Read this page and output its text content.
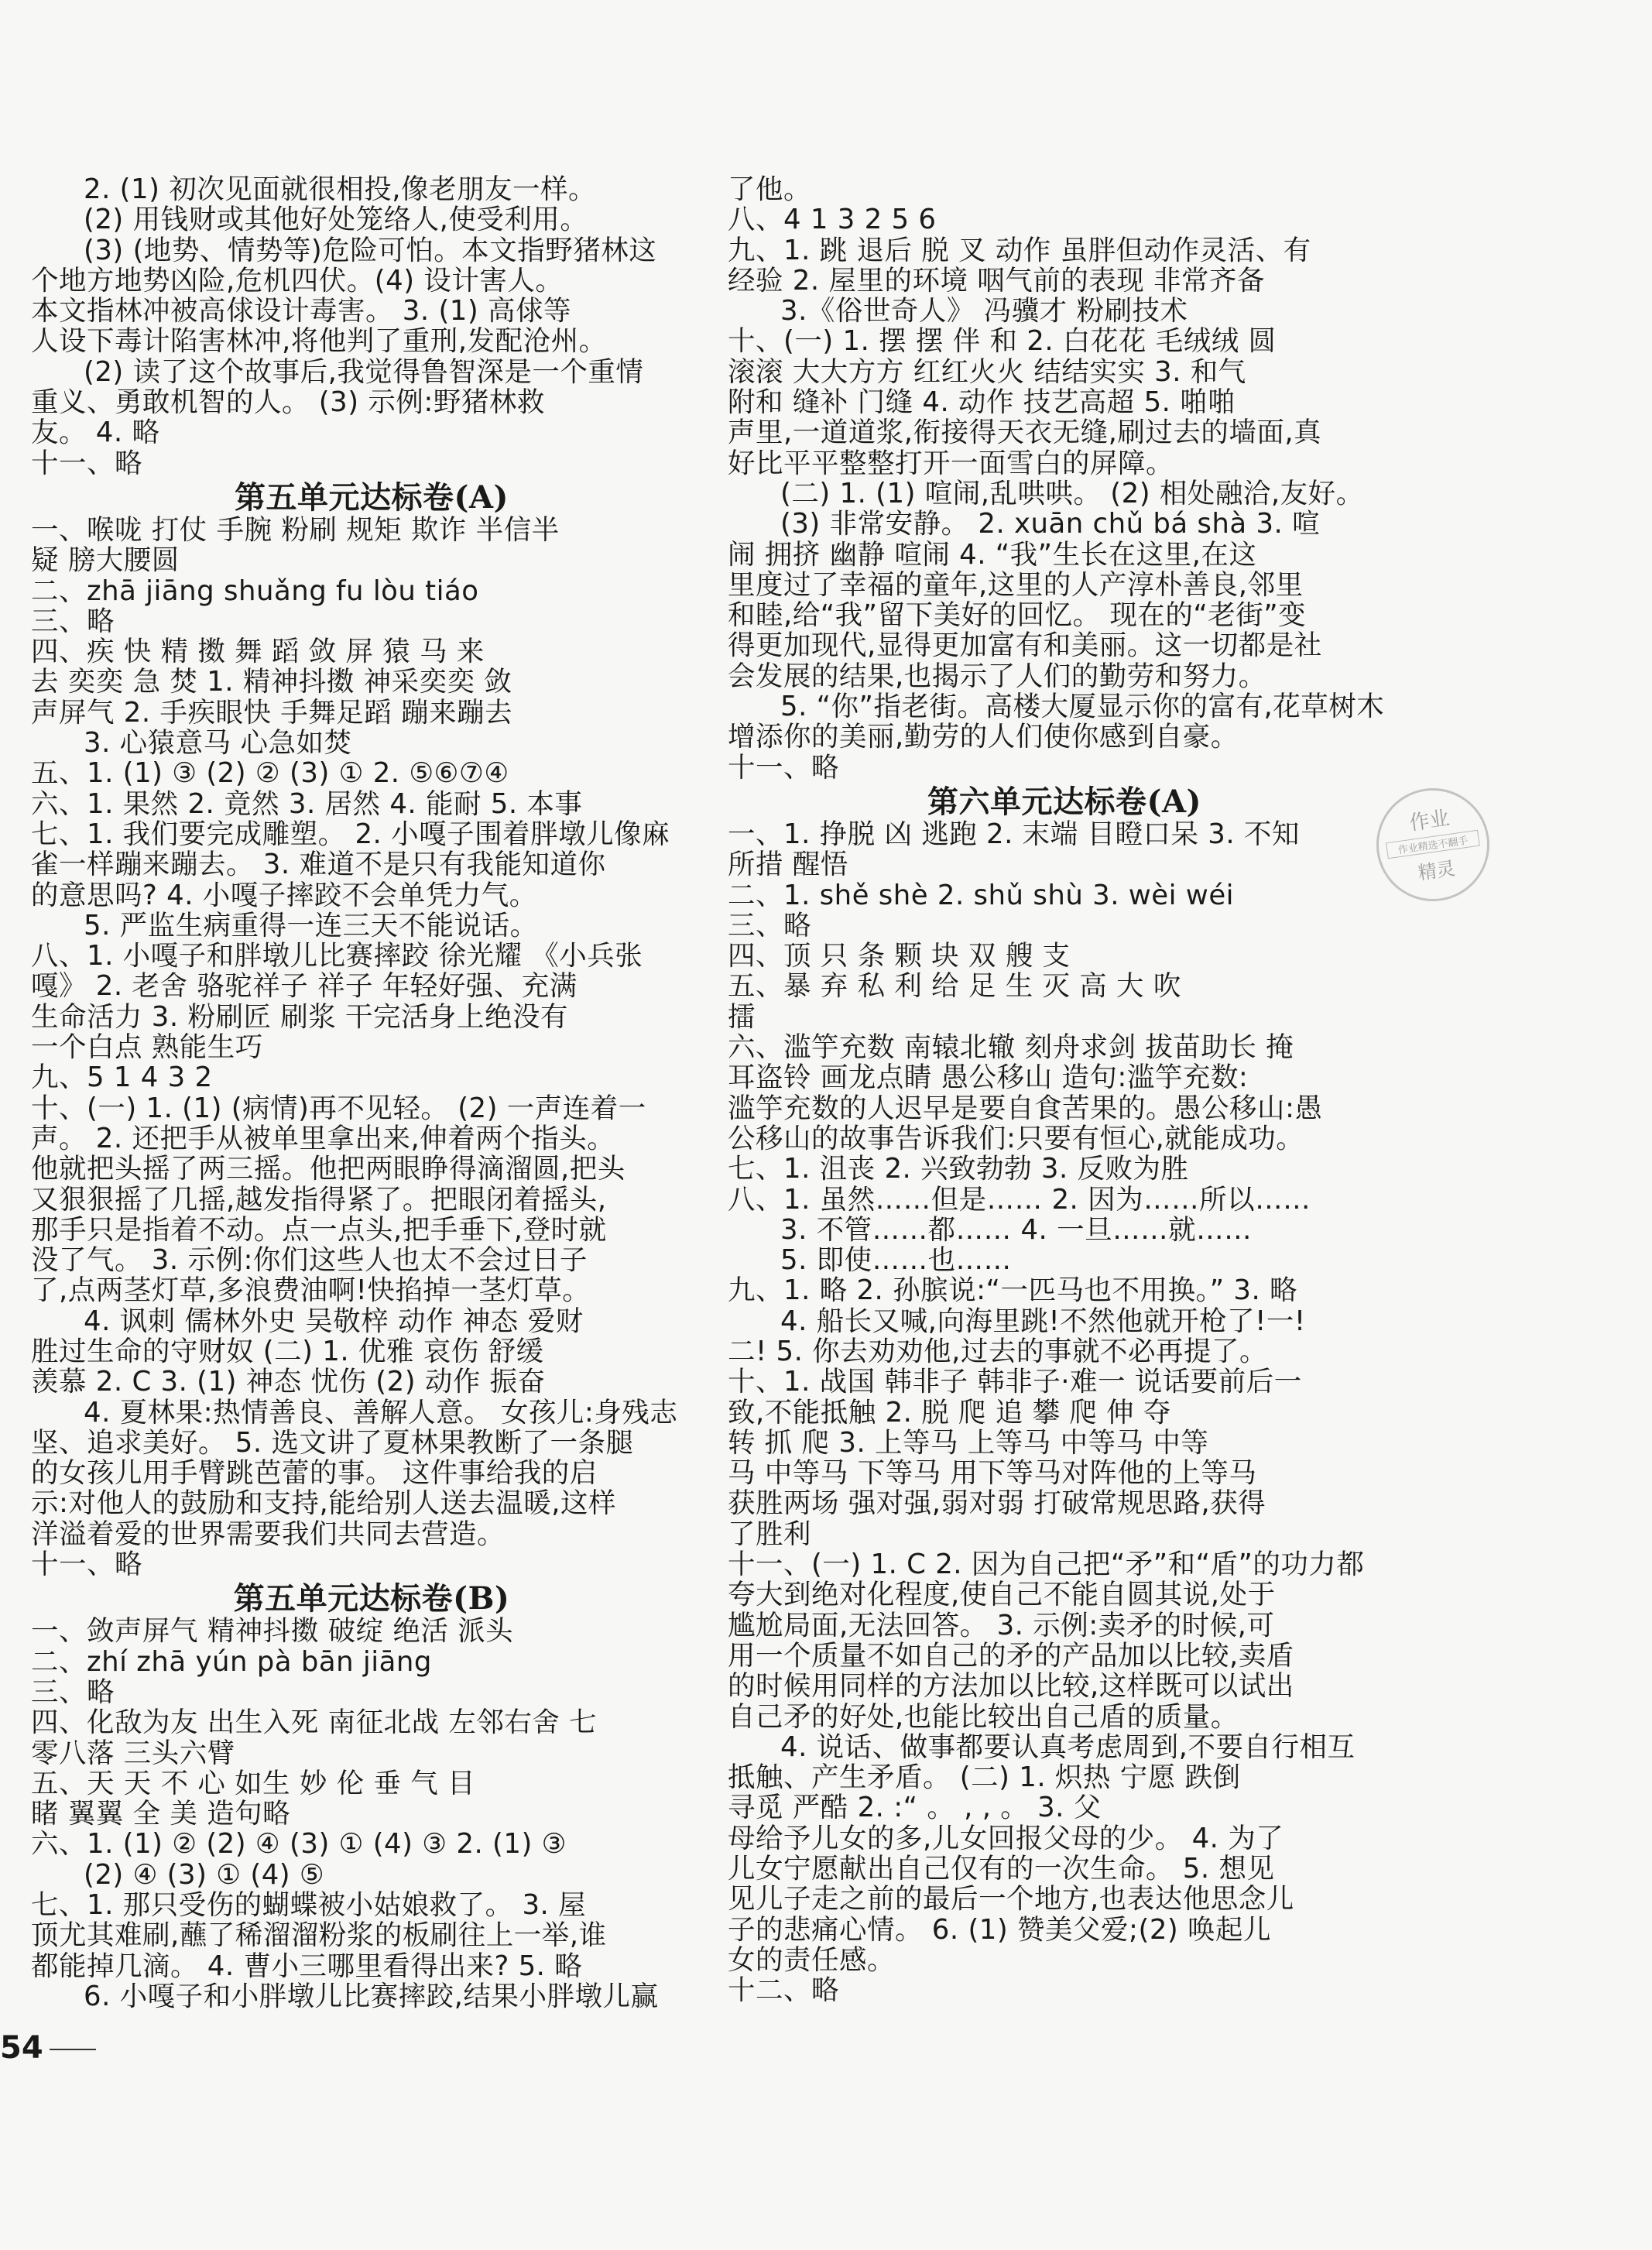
2. (1) 初次见面就很相投,像老朋友一样。
(2) 用钱财或其他好处笼络人,使受利用。
(3) (地势、情势等)危险可怕。本文指野猪林这
个地方地势凶险,危机四伏。(4) 设计害人。
本文指林冲被高俅设计毒害。 3. (1) 高俅等
人设下毒计陷害林冲,将他判了重刑,发配沧州。
(2) 读了这个故事后,我觉得鲁智深是一个重情
重义、勇敢机智的人。 (3) 示例:野猪林救
友。 4. 略
十一、略
第五单元达标卷(A)
一、喉咙 打仗 手腕 粉刷 规矩 欺诈 半信半
疑 膀大腰圆
二、zhā jiāng shuǎng fu lòu tiáo
三、略
四、疾 快 精 擞 舞 蹈 敛 屏 猿 马 来
去 奕奕 急 焚 1. 精神抖擞 神采奕奕 敛
声屏气 2. 手疾眼快 手舞足蹈 蹦来蹦去
3. 心猿意马 心急如焚
五、1. (1) ③ (2) ② (3) ① 2. ⑤⑥⑦④
六、1. 果然 2. 竟然 3. 居然 4. 能耐 5. 本事
七、1. 我们要完成雕塑。 2. 小嘎子围着胖墩儿像麻
雀一样蹦来蹦去。 3. 难道不是只有我能知道你
的意思吗? 4. 小嘎子摔跤不会单凭力气。
5. 严监生病重得一连三天不能说话。
八、1. 小嘎子和胖墩儿比赛摔跤 徐光耀 《小兵张
嘎》 2. 老舍 骆驼祥子 祥子 年轻好强、充满
生命活力 3. 粉刷匠 刷浆 干完活身上绝没有
一个白点 熟能生巧
九、5 1 4 3 2
十、(一) 1. (1) (病情)再不见轻。 (2) 一声连着一
声。 2. 还把手从被单里拿出来,伸着两个指头。
他就把头摇了两三摇。他把两眼睁得滴溜圆,把头
又狠狠摇了几摇,越发指得紧了。把眼闭着摇头,
那手只是指着不动。点一点头,把手垂下,登时就
没了气。 3. 示例:你们这些人也太不会过日子
了,点两茎灯草,多浪费油啊!快掐掉一茎灯草。
4. 讽刺 儒林外史 吴敬梓 动作 神态 爱财
胜过生命的守财奴 (二) 1. 优雅 哀伤 舒缓
羡慕 2. C 3. (1) 神态 忧伤 (2) 动作 振奋
4. 夏林果:热情善良、善解人意。 女孩儿:身残志
坚、追求美好。 5. 选文讲了夏林果教断了一条腿
的女孩儿用手臂跳芭蕾的事。 这件事给我的启
示:对他人的鼓励和支持,能给别人送去温暖,这样
洋溢着爱的世界需要我们共同去营造。
十一、略
第五单元达标卷(B)
一、敛声屏气 精神抖擞 破绽 绝活 派头
二、zhí zhā yún pà bān jiāng
三、略
四、化敌为友 出生入死 南征北战 左邻右舍 七
零八落 三头六臂
五、天 天 不 心 如生 妙 伦 垂 气 目
睹 翼翼 全 美 造句略
六、1. (1) ② (2) ④ (3) ① (4) ③ 2. (1) ③
(2) ④ (3) ① (4) ⑤
七、1. 那只受伤的蝴蝶被小姑娘救了。 3. 屋
顶尤其难刷,蘸了稀溜溜粉浆的板刷往上一举,谁
都能掉几滴。 4. 曹小三哪里看得出来? 5. 略
6. 小嘎子和小胖墩儿比赛摔跤,结果小胖墩儿赢
了他。
八、4 1 3 2 5 6
九、1. 跳 退后 脱 叉 动作 虽胖但动作灵活、有
经验 2. 屋里的环境 咽气前的表现 非常齐备
3.《俗世奇人》 冯骥才 粉刷技术
十、(一) 1. 摆 摆 伴 和 2. 白花花 毛绒绒 圆
滚滚 大大方方 红红火火 结结实实 3. 和气
附和 缝补 门缝 4. 动作 技艺高超 5. 啪啪
声里,一道道浆,衔接得天衣无缝,刷过去的墙面,真
好比平平整整打开一面雪白的屏障。
(二) 1. (1) 喧闹,乱哄哄。 (2) 相处融洽,友好。
(3) 非常安静。 2. xuān chǔ bá shà 3. 喧
闹 拥挤 幽静 喧闹 4. “我”生长在这里,在这
里度过了幸福的童年,这里的人产淳朴善良,邻里
和睦,给“我”留下美好的回忆。 现在的“老街”变
得更加现代,显得更加富有和美丽。这一切都是社
会发展的结果,也揭示了人们的勤劳和努力。
5. “你”指老街。高楼大厦显示你的富有,花草树木
增添你的美丽,勤劳的人们使你感到自豪。
十一、略
第六单元达标卷(A)
一、1. 挣脱 凶 逃跑 2. 末端 目瞪口呆 3. 不知
所措 醒悟
二、1. shě shè 2. shǔ shù 3. wèi wéi
三、略
四、顶 只 条 颗 块 双 艘 支
五、暴 弃 私 利 给 足 生 灭 高 大 吹
擂
六、滥竽充数 南辕北辙 刻舟求剑 拔苗助长 掩
耳盗铃 画龙点睛 愚公移山 造句:滥竽充数:
滥竽充数的人迟早是要自食苦果的。愚公移山:愚
公移山的故事告诉我们:只要有恒心,就能成功。
七、1. 沮丧 2. 兴致勃勃 3. 反败为胜
八、1. 虽然……但是…… 2. 因为……所以……
3. 不管……都…… 4. 一旦……就……
5. 即使……也……
九、1. 略 2. 孙膑说:“一匹马也不用换。” 3. 略
4. 船长又喊,向海里跳!不然他就开枪了!一!
二! 5. 你去劝劝他,过去的事就不必再提了。
十、1. 战国 韩非子 韩非子·难一 说话要前后一
致,不能抵触 2. 脱 爬 追 攀 爬 伸 夺
转 抓 爬 3. 上等马 上等马 中等马 中等
马 中等马 下等马 用下等马对阵他的上等马
获胜两场 强对强,弱对弱 打破常规思路,获得
了胜利
十一、(一) 1. C 2. 因为自己把“矛”和“盾”的功力都
夸大到绝对化程度,使自己不能自圆其说,处于
尴尬局面,无法回答。 3. 示例:卖矛的时候,可
用一个质量不如自己的矛的产品加以比较,卖盾
的时候用同样的方法加以比较,这样既可以试出
自己矛的好处,也能比较出自己盾的质量。
4. 说话、做事都要认真考虑周到,不要自行相互
抵触、产生矛盾。 (二) 1. 炽热 宁愿 跌倒
寻觅 严酷 2. :“ 。 , , 。 3. 父
母给予儿女的多,儿女回报父母的少。 4. 为了
儿女宁愿献出自己仅有的一次生命。 5. 想见
见儿子走之前的最后一个地方,也表达他思念儿
子的悲痛心情。 6. (1) 赞美父爱;(2) 唤起儿
女的责任感。
十二、略
作业
作业精选不翻手
精灵
54
